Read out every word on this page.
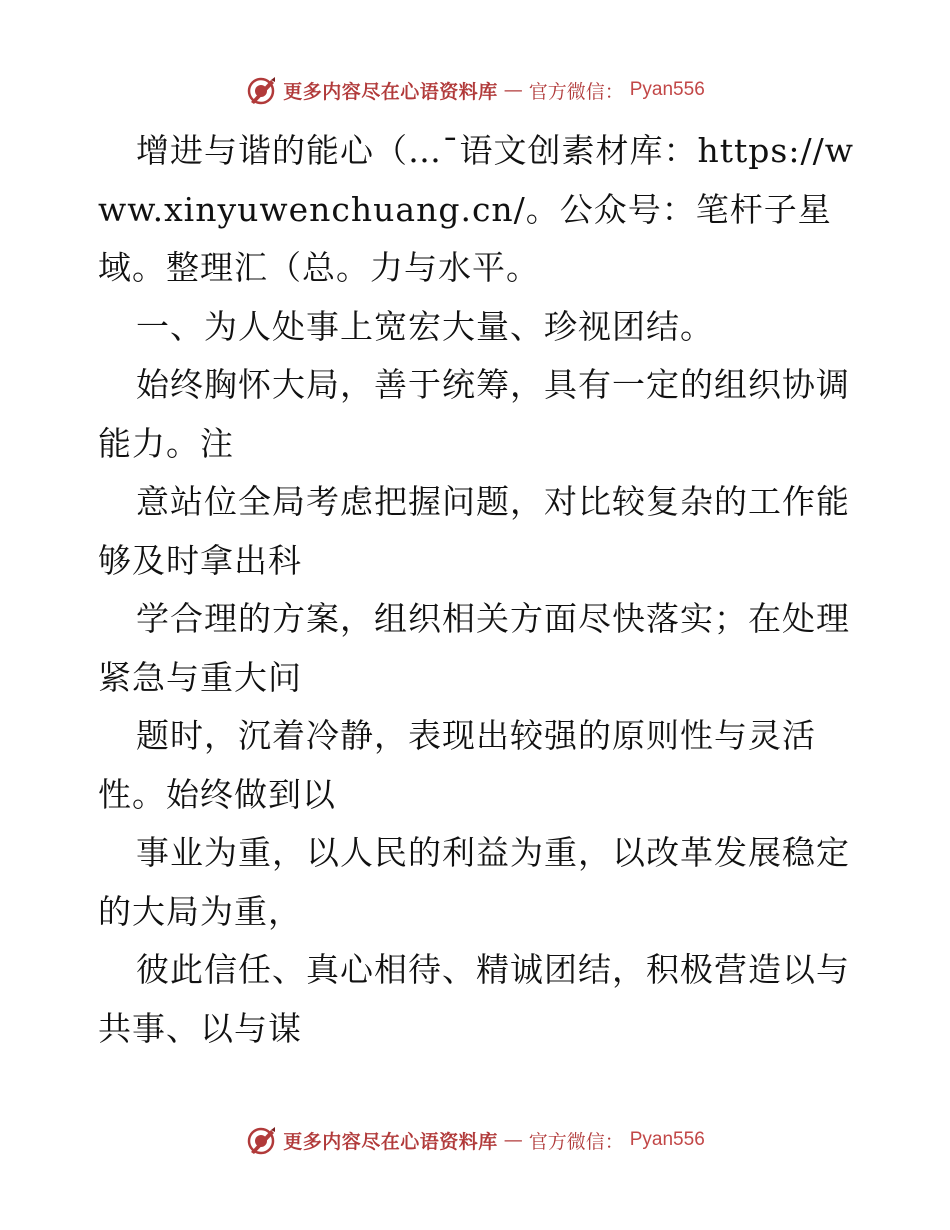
更多内容尽在心语资料库 — 官方微信： Pyan556

增进与谐的能心（…¯语文创素材库：https://www.xinyuwenchuang.cn/。公众号：笔杆子星域。整理汇（总。力与水平。

一、为人处事上宽宏大量、珍视团结。

始终胸怀大局，善于统筹，具有一定的组织协调能力。注

意站位全局考虑把握问题，对比较复杂的工作能够及时拿出科

学合理的方案，组织相关方面尽快落实；在处理紧急与重大问

题时，沉着冷静，表现出较强的原则性与灵活性。始终做到以

事业为重，以人民的利益为重，以改革发展稳定的大局为重，

彼此信任、真心相待、精诚团结，积极营造以与共事、以与谋

更多内容尽在心语资料库 — 官方微信： Pyan556
